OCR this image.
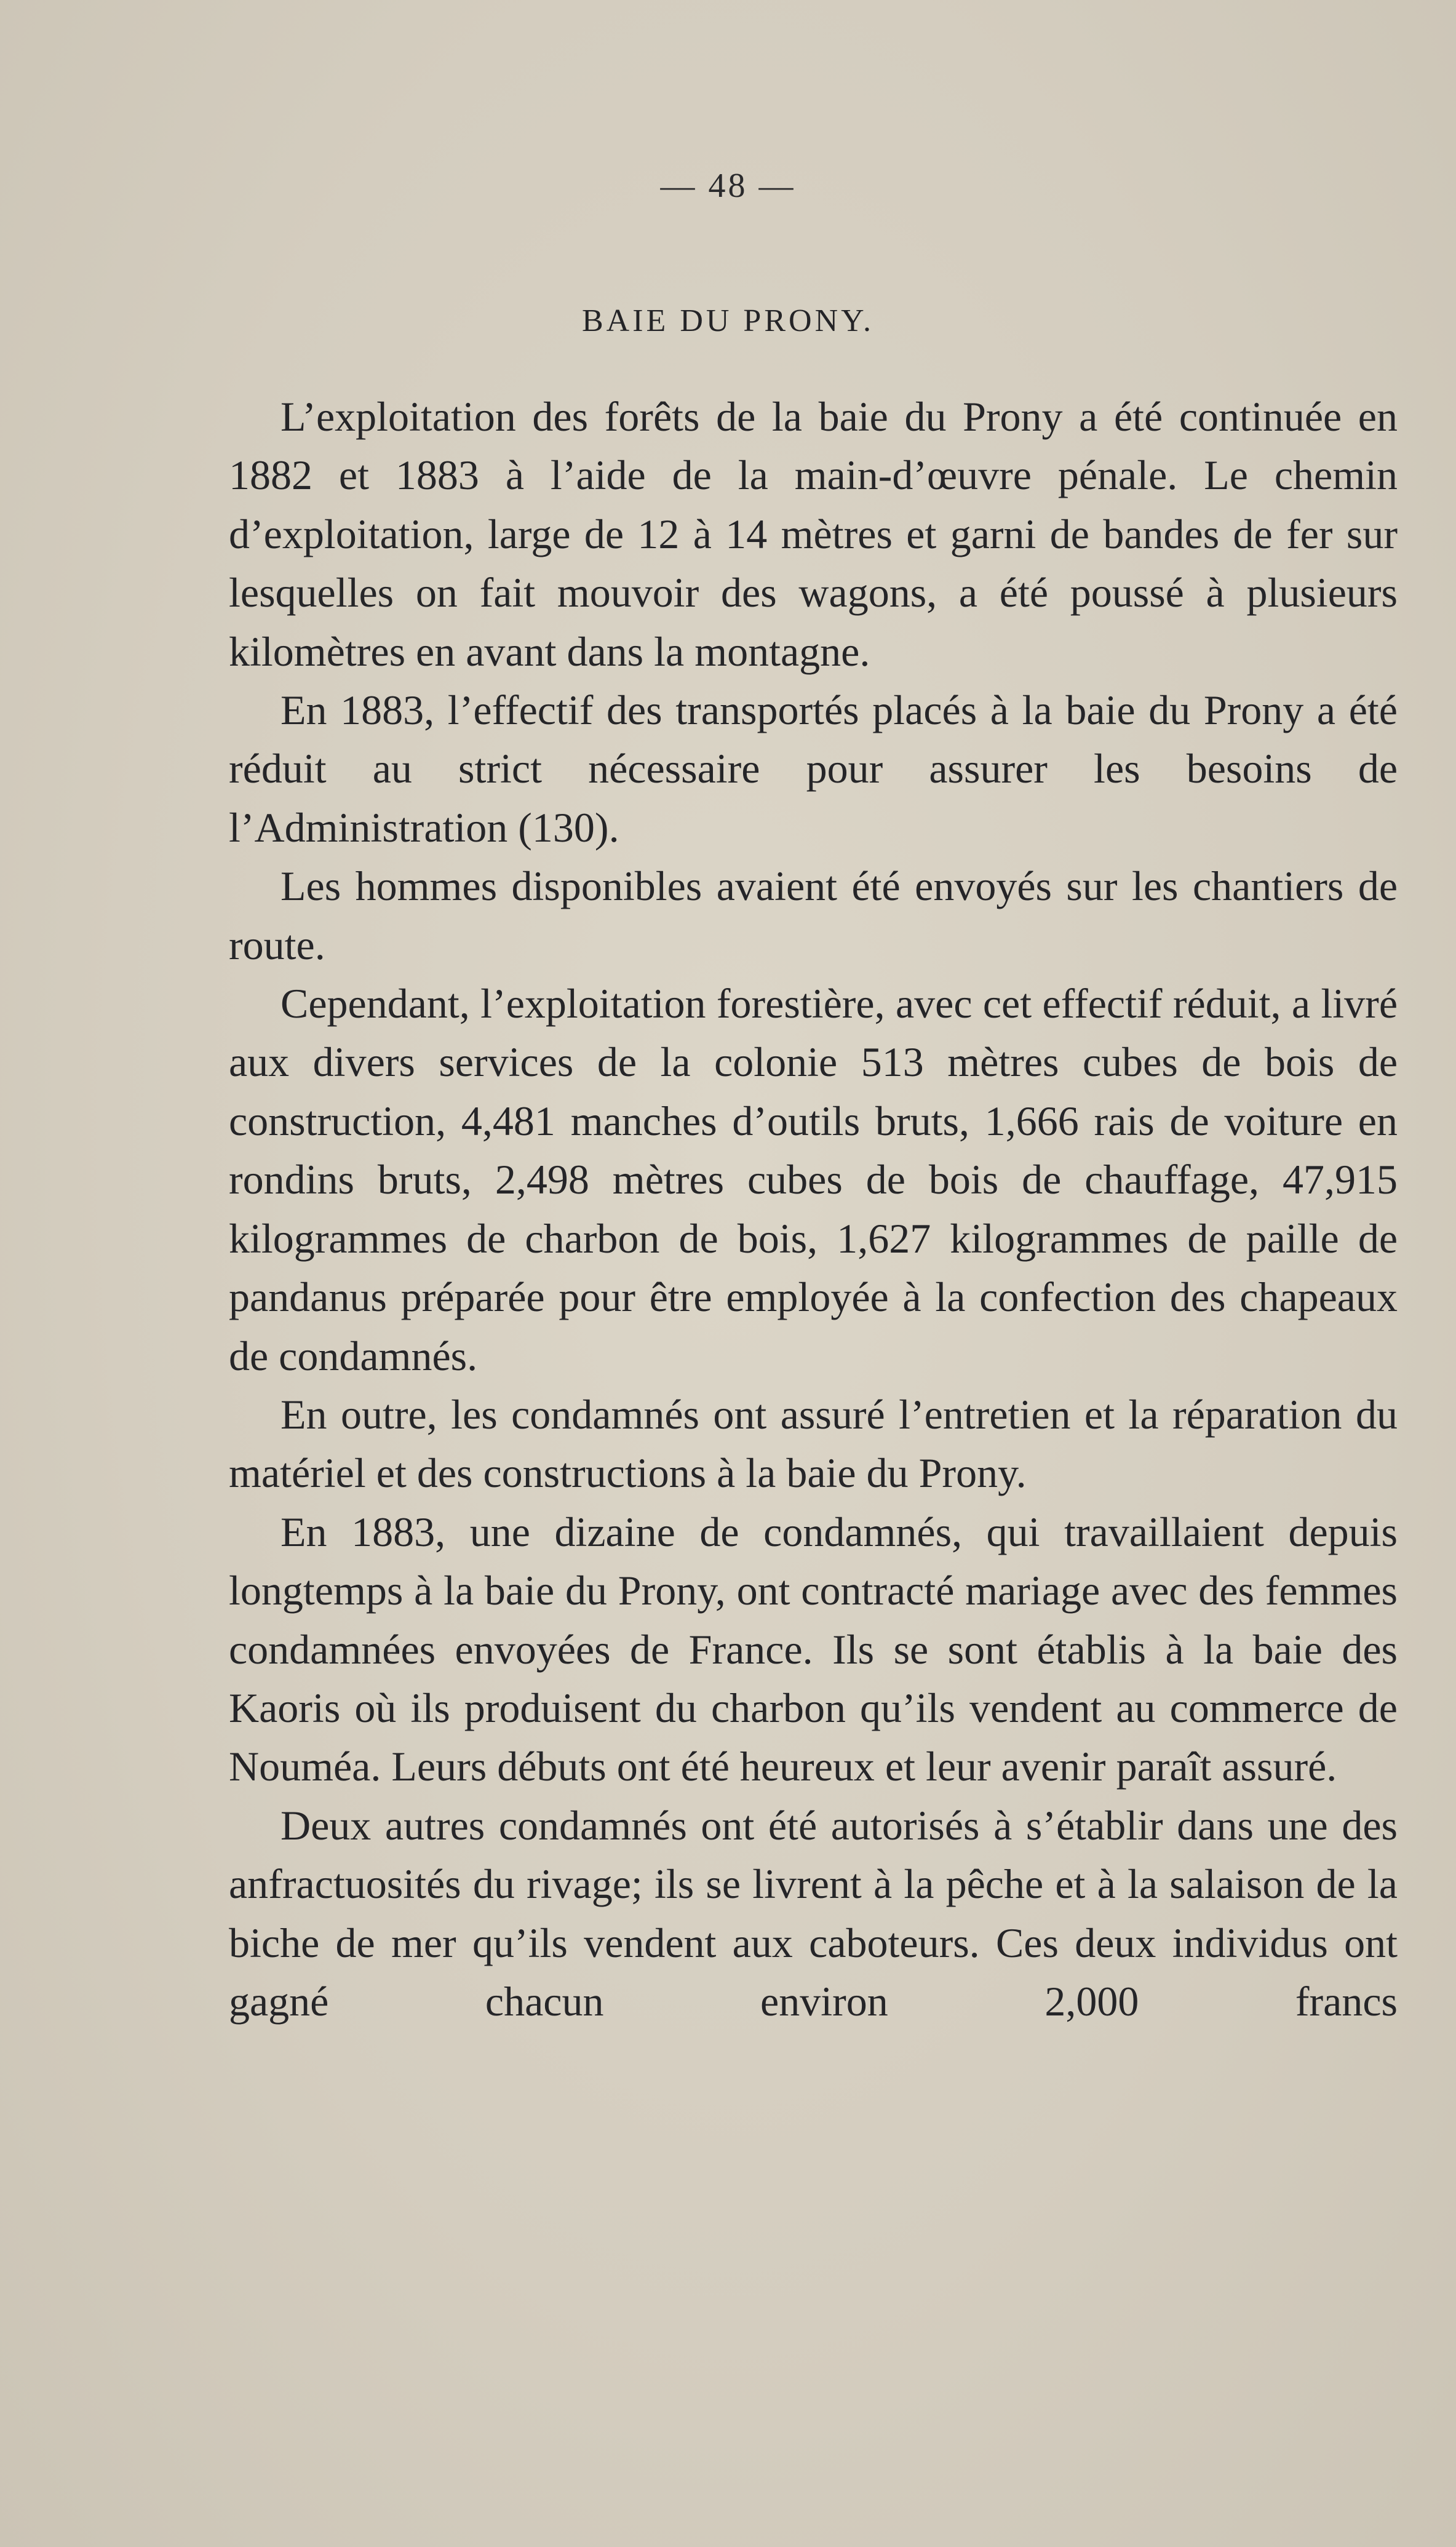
— 48 —
BAIE DU PRONY.

L’exploitation des forêts de la baie du Prony a été continuée en 1882 et 1883 à l’aide de la main-d’œuvre pénale. Le chemin d’exploitation, large de 12 à 14 mètres et garni de bandes de fer sur lesquelles on fait mouvoir des wagons, a été poussé à plusieurs kilomètres en avant dans la montagne.

En 1883, l’effectif des transportés placés à la baie du Prony a été réduit au strict nécessaire pour assurer les besoins de l’Administration (130).

Les hommes disponibles avaient été envoyés sur les chantiers de route.

Cependant, l’exploitation forestière, avec cet effectif réduit, a livré aux divers services de la colonie 513 mètres cubes de bois de construction, 4,481 manches d’outils bruts, 1,666 rais de voiture en rondins bruts, 2,498 mètres cubes de bois de chauffage, 47,915 kilogrammes de charbon de bois, 1,627 kilogrammes de paille de pandanus préparée pour être employée à la confection des chapeaux de condamnés.

En outre, les condamnés ont assuré l’entretien et la réparation du matériel et des constructions à la baie du Prony.

En 1883, une dizaine de condamnés, qui travaillaient depuis longtemps à la baie du Prony, ont contracté mariage avec des femmes condamnées envoyées de France. Ils se sont établis à la baie des Kaoris où ils produisent du charbon qu’ils vendent au commerce de Nouméa. Leurs débuts ont été heureux et leur avenir paraît assuré.

Deux autres condamnés ont été autorisés à s’établir dans une des anfractuosités du rivage; ils se livrent à la pêche et à la salaison de la biche de mer qu’ils vendent aux caboteurs. Ces deux individus ont gagné chacun environ 2,000 francs
